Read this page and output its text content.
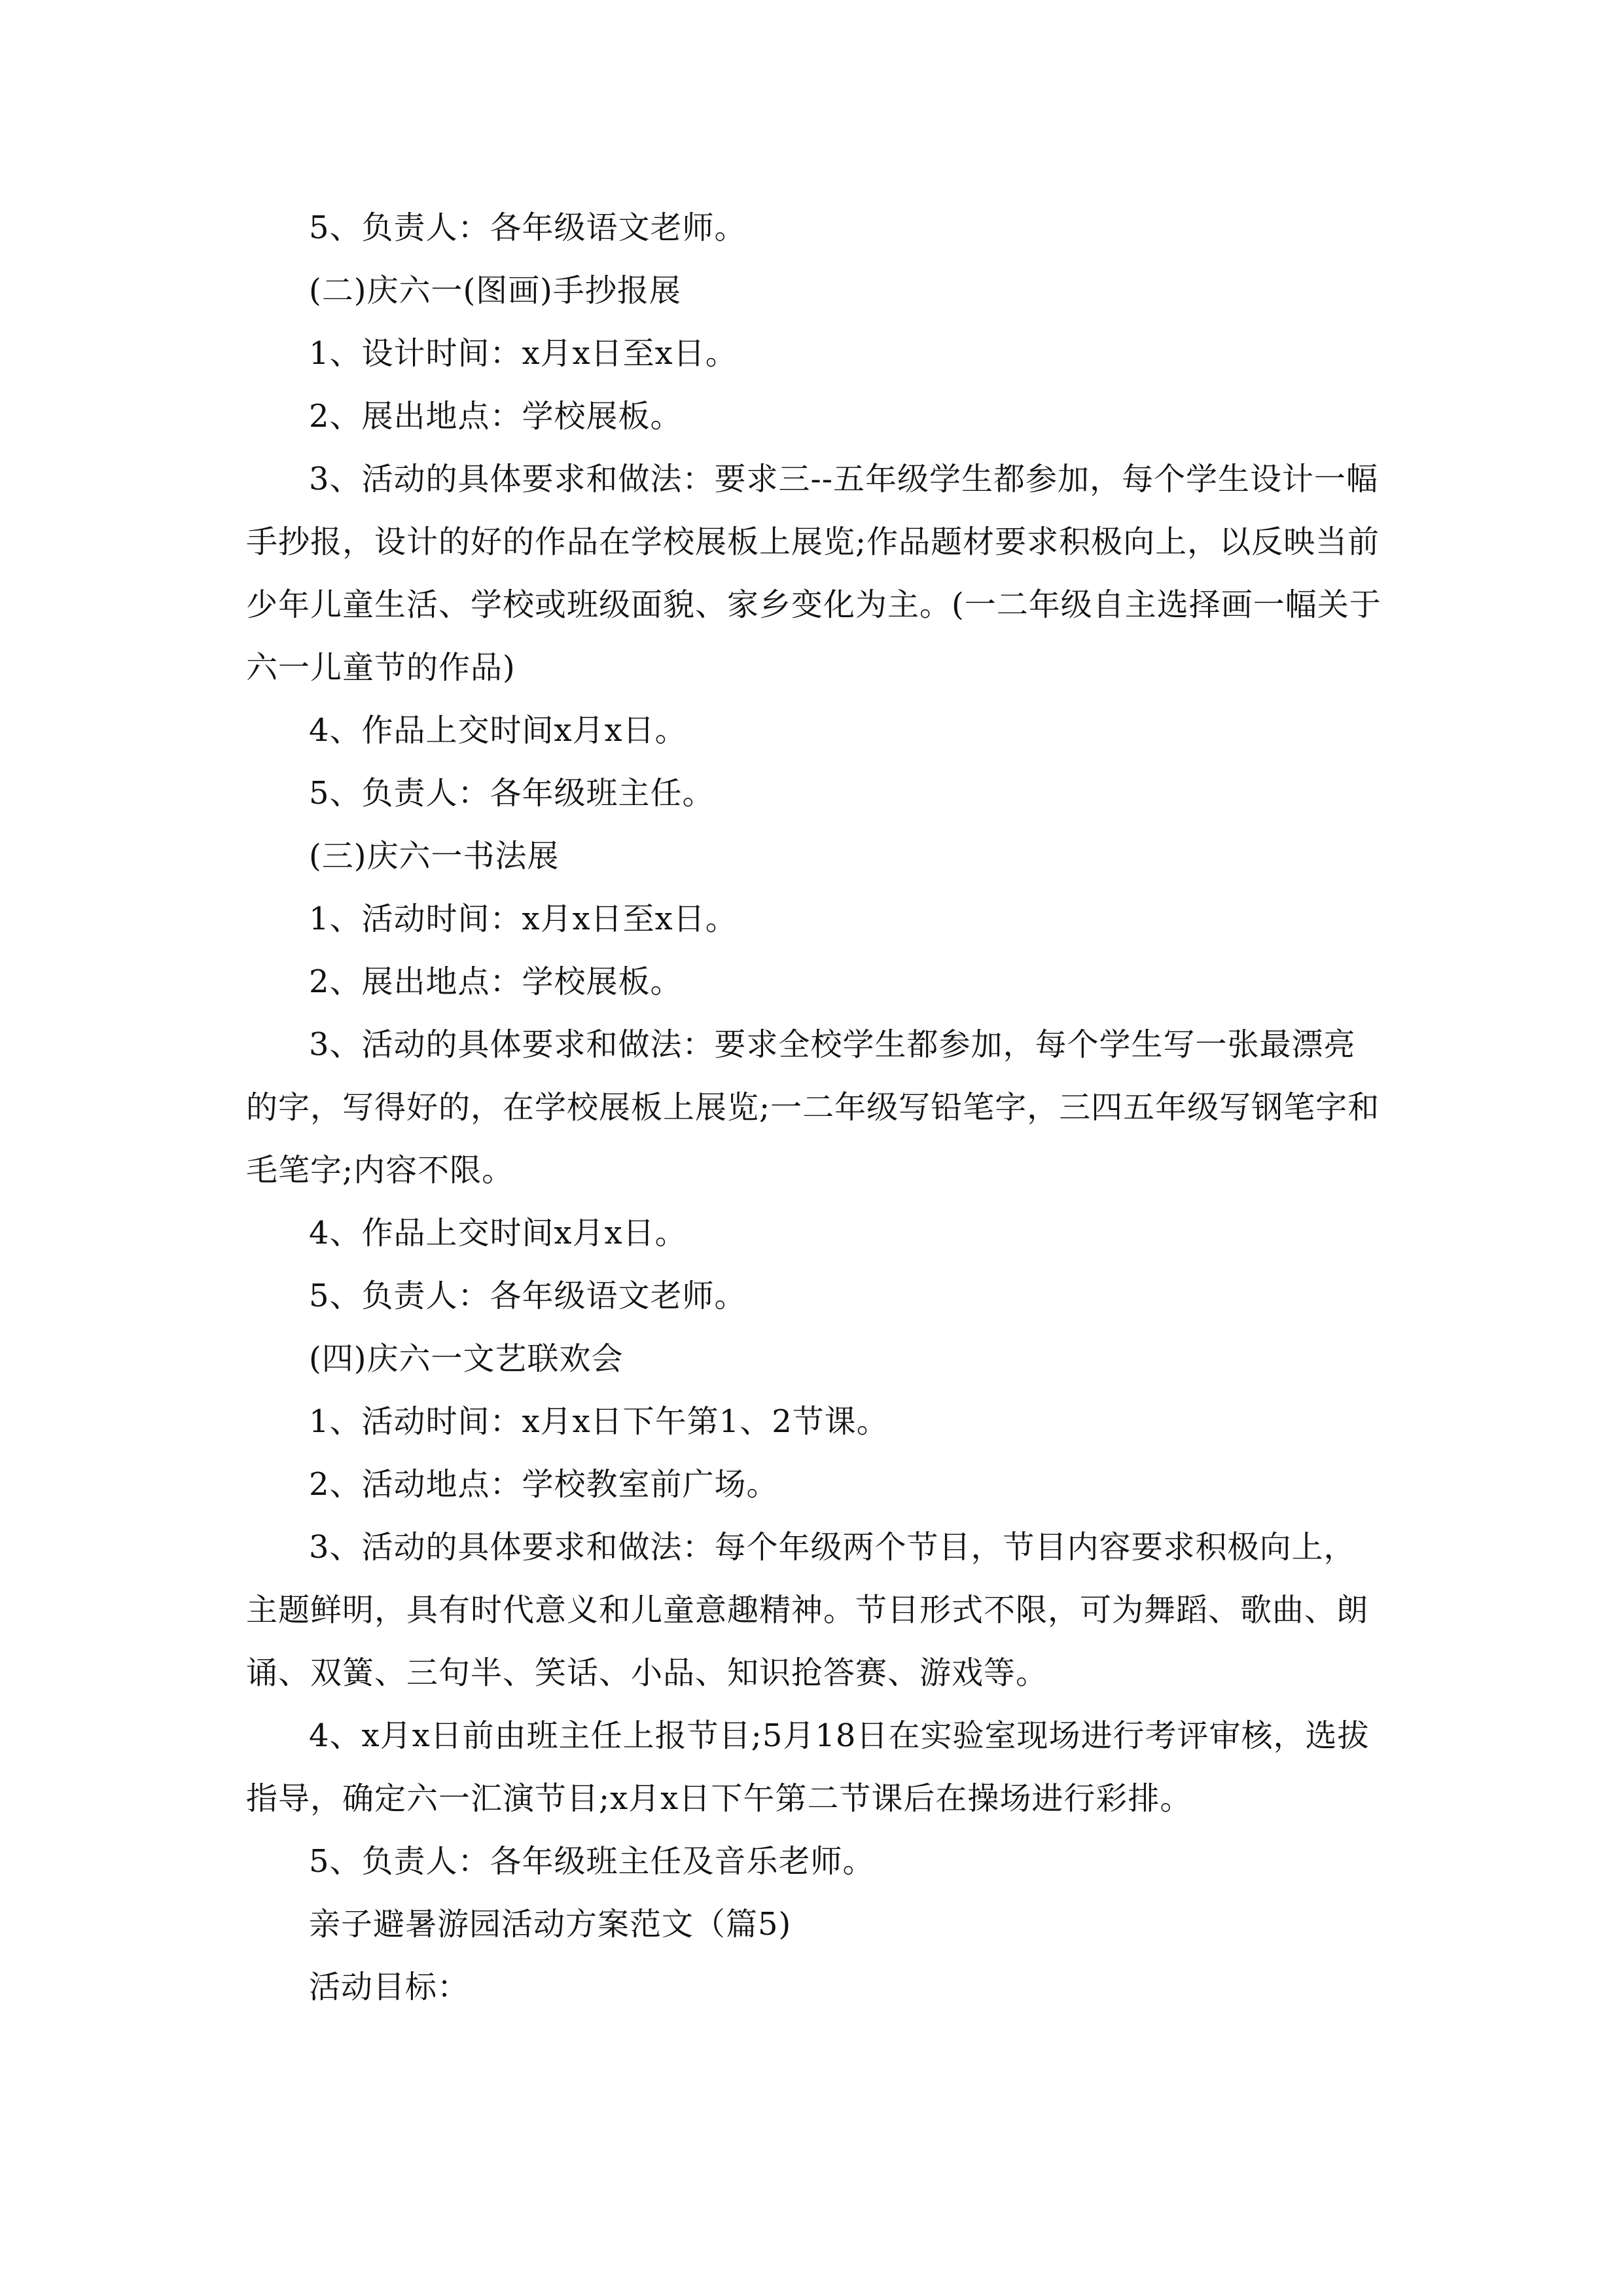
5、负责人：各年级语文老师。

(二)庆六一(图画)手抄报展

1、设计时间：x月x日至x日。

2、展出地点：学校展板。

3、活动的具体要求和做法：要求三--五年级学生都参加，每个学生设计一幅手抄报，设计的好的作品在学校展板上展览;作品题材要求积极向上，以反映当前少年儿童生活、学校或班级面貌、家乡变化为主。(一二年级自主选择画一幅关于六一儿童节的作品)

4、作品上交时间x月x日。

5、负责人：各年级班主任。

(三)庆六一书法展

1、活动时间：x月x日至x日。

2、展出地点：学校展板。

3、活动的具体要求和做法：要求全校学生都参加，每个学生写一张最漂亮的字，写得好的，在学校展板上展览;一二年级写铅笔字，三四五年级写钢笔字和毛笔字;内容不限。

4、作品上交时间x月x日。

5、负责人：各年级语文老师。

(四)庆六一文艺联欢会

1、活动时间：x月x日下午第1、2节课。

2、活动地点：学校教室前广场。

3、活动的具体要求和做法：每个年级两个节目，节目内容要求积极向上，主题鲜明，具有时代意义和儿童意趣精神。节目形式不限，可为舞蹈、歌曲、朗诵、双簧、三句半、笑话、小品、知识抢答赛、游戏等。

4、x月x日前由班主任上报节目;5月18日在实验室现场进行考评审核，选拔指导，确定六一汇演节目;x月x日下午第二节课后在操场进行彩排。

5、负责人：各年级班主任及音乐老师。

亲子避暑游园活动方案范文（篇5)

活动目标：
